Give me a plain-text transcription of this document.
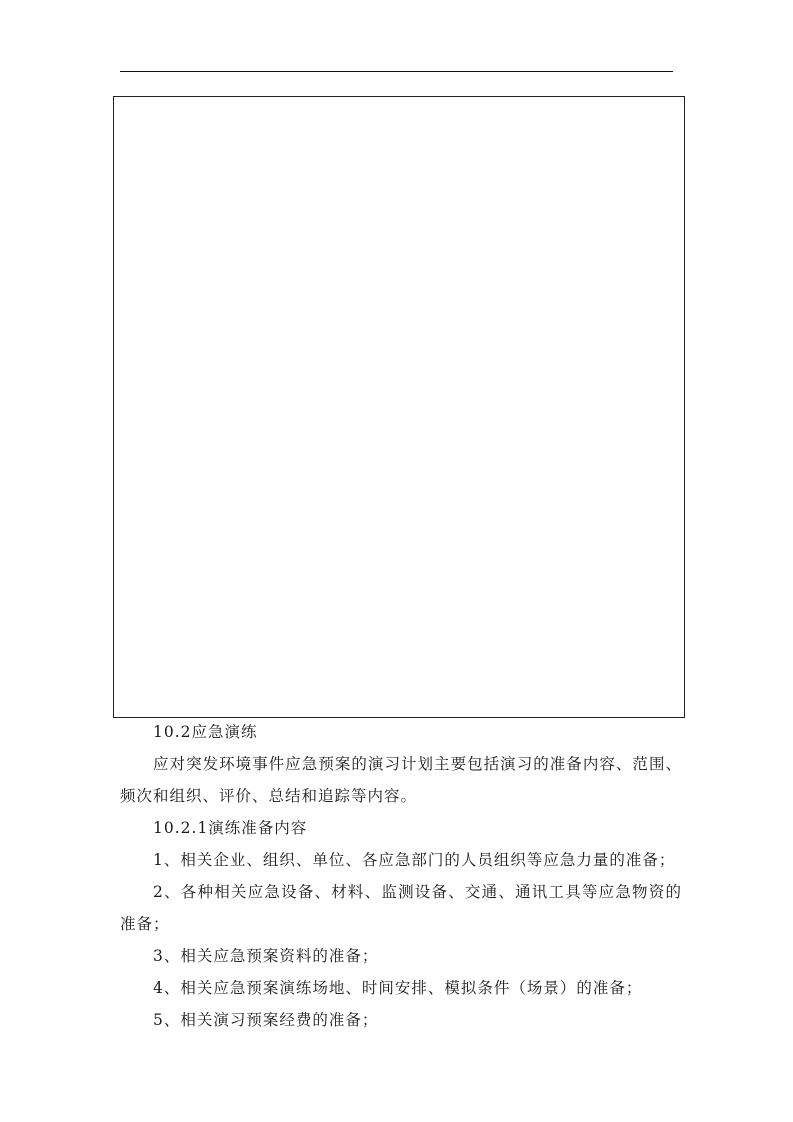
10.2应急演练

应对突发环境事件应急预案的演习计划主要包括演习的准备内容、范围、频次和组织、评价、总结和追踪等内容。

10.2.1演练准备内容

1、相关企业、组织、单位、各应急部门的人员组织等应急力量的准备；

2、各种相关应急设备、材料、监测设备、交通、通讯工具等应急物资的准备；

3、相关应急预案资料的准备；

4、相关应急预案演练场地、时间安排、模拟条件（场景）的准备；

5、相关演习预案经费的准备；
